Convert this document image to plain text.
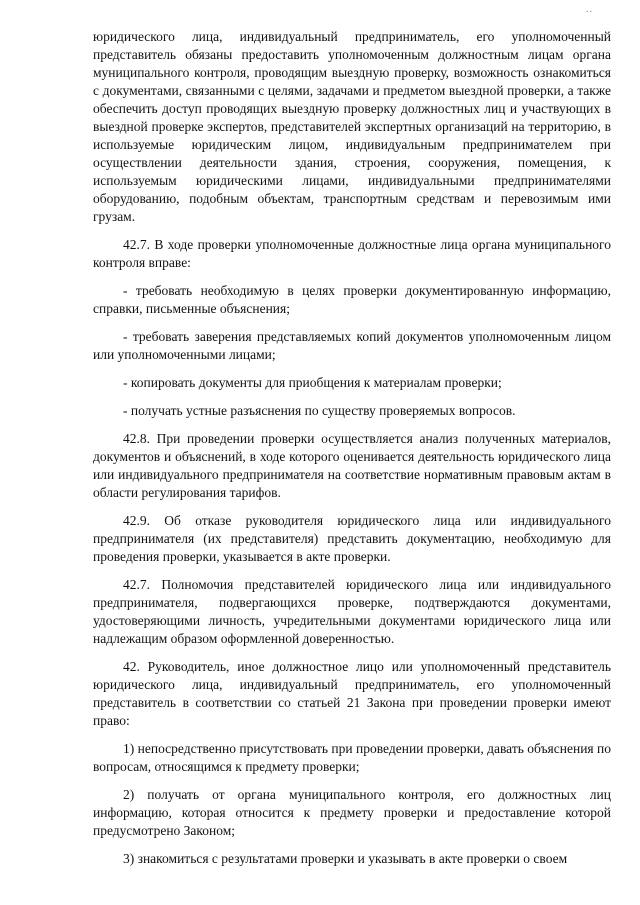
..

юридического лица, индивидуальный предприниматель, его уполномоченный представитель обязаны предоставить уполномоченным должностным лицам органа муниципального контроля, проводящим выездную проверку, возможность ознакомиться с документами, связанными с целями, задачами и предметом выездной проверки, а также обеспечить доступ проводящих выездную проверку должностных лиц и участвующих в выездной проверке экспертов, представителей экспертных организаций на территорию, в используемые юридическим лицом, индивидуальным предпринимателем при осуществлении деятельности здания, строения, сооружения, помещения, к используемым юридическими лицами, индивидуальными предпринимателями оборудованию, подобным объектам, транспортным средствам и перевозимым ими грузам.

42.7. В ходе проверки уполномоченные должностные лица органа муниципального контроля вправе:

- требовать необходимую в целях проверки документированную информацию, справки, письменные объяснения;

- требовать заверения представляемых копий документов уполномоченным лицом или уполномоченными лицами;

- копировать документы для приобщения к материалам проверки;

- получать устные разъяснения по существу проверяемых вопросов.

42.8. При проведении проверки осуществляется анализ полученных материалов, документов и объяснений, в ходе которого оценивается деятельность юридического лица или индивидуального предпринимателя на соответствие нормативным правовым актам в области регулирования тарифов.

42.9. Об отказе руководителя юридического лица или индивидуального предпринимателя (их представителя) представить документацию, необходимую для проведения проверки, указывается в акте проверки.

42.7. Полномочия представителей юридического лица или индивидуального предпринимателя, подвергающихся проверке, подтверждаются документами, удостоверяющими личность, учредительными документами юридического лица или надлежащим образом оформленной доверенностью.

42. Руководитель, иное должностное лицо или уполномоченный представитель юридического лица, индивидуальный предприниматель, его уполномоченный представитель в соответствии со статьей 21 Закона при проведении проверки имеют право:

1) непосредственно присутствовать при проведении проверки, давать объяснения по вопросам, относящимся к предмету проверки;

2) получать от органа муниципального контроля, его должностных лиц информацию, которая относится к предмету проверки и предоставление которой предусмотрено Законом;

3) знакомиться с результатами проверки и указывать в акте проверки о своем
